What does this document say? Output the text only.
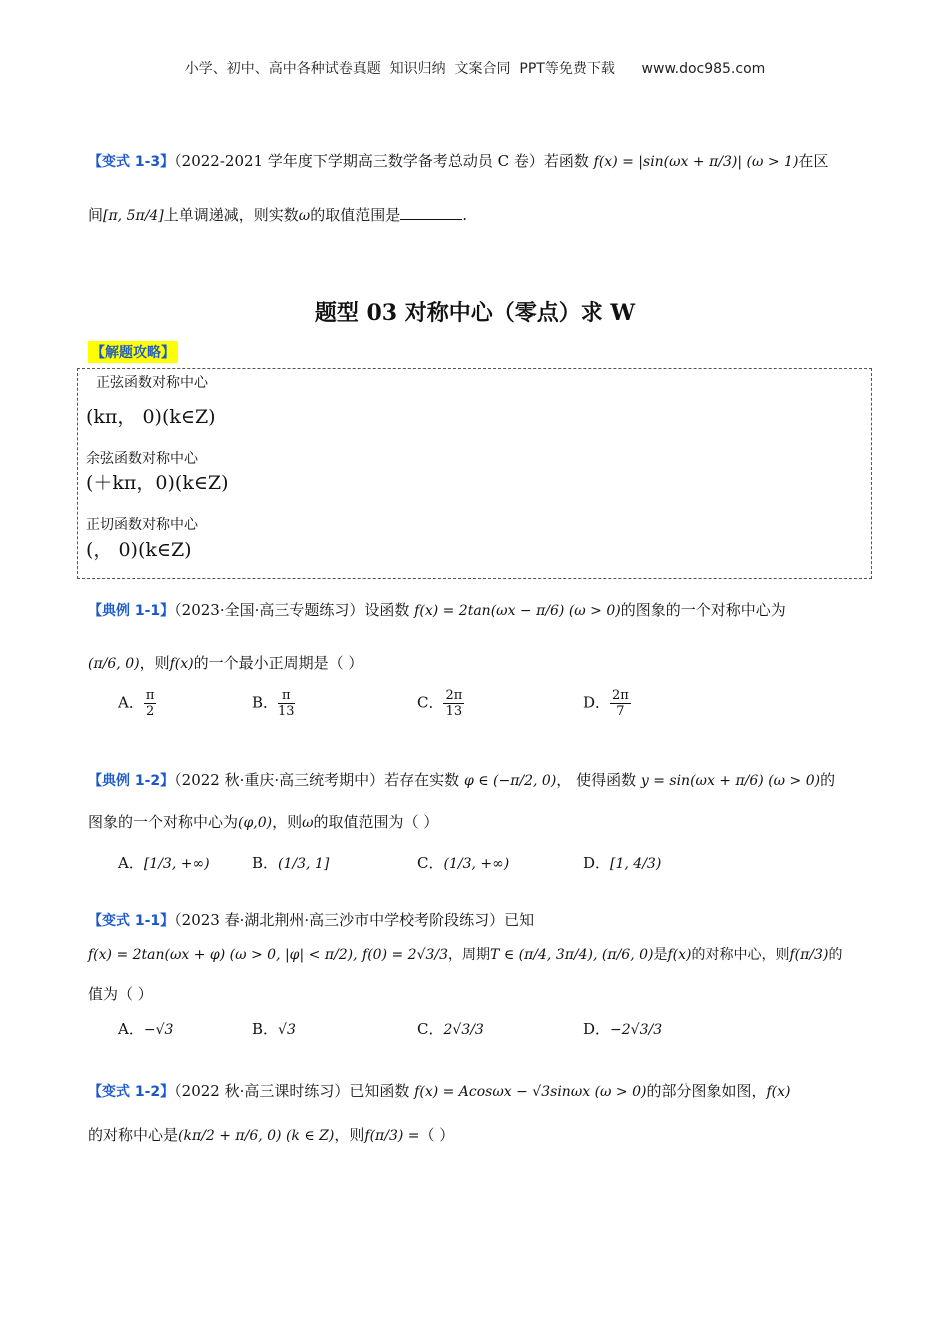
小学、初中、高中各种试卷真题  知识归纳  文案合同  PPT等免费下载 www.doc985.com
【变式 1-3】（2022-2021 学年度下学期高三数学备考总动员 C 卷）若函数 f(x) = |sin(ωx + π/3)| (ω > 1)在区
间[π, 5π/4]上单调递减，则实数ω的取值范围是	.
题型 03 对称中心（零点）求 W
【解题攻略】
正弦函数对称中心
(kπ， 0)(k∈Z)
余弦函数对称中心
(＋kπ，0)(k∈Z)
正切函数对称中心
(， 0)(k∈Z)
【典例 1-1】（2023·全国·高三专题练习）设函数 f(x) = 2tan(ωx − π/6) (ω > 0)的图象的一个对称中心为
(π/6, 0)，则f(x)的一个最小正周期是（ ）
A． $\frac{\pi}{2}$	B． $\frac{\pi}{13}$	C． $\frac{2\pi}{13}$	D． $\frac{2\pi}{7}$
【典例 1-2】（2022 秋·重庆·高三统考期中）若存在实数 φ ∈ (−π/2, 0)， 使得函数 y = sin(ωx + π/6) (ω > 0)的
图象的一个对称中心为(φ,0)，则ω的取值范围为（ ）
A．[1/3, +∞)	B．(1/3, 1]	C．(1/3, +∞)	D．[1, 4/3)
【变式 1-1】（2023 春·湖北荆州·高三沙市中学校考阶段练习）已知
f(x) = 2tan(ωx + φ) (ω > 0, |φ| < π/2), f(0) = 2√3/3，周期T ∈ (π/4, 3π/4), (π/6, 0)是f(x)的对称中心，则f(π/3)的
值为（ ）
A．−√3	B．√3	C．2√3/3	D．−2√3/3
【变式 1-2】（2022 秋·高三课时练习）已知函数 f(x) = Acosωx − √3sinωx (ω > 0)的部分图象如图，f(x)
的对称中心是(kπ/2 + π/6, 0) (k ∈ Z)，则f(π/3) =（ ）
